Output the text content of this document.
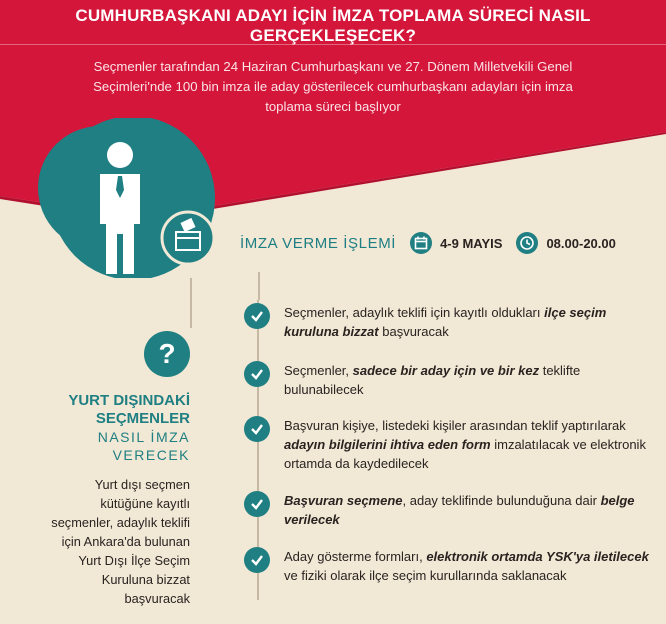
CUMHURBAŞKANI ADAYI İÇİN İMZA TOPLAMA SÜRECİ NASIL GERÇEKLEŞECEK?
Seçmenler tarafından 24 Haziran Cumhurbaşkanı ve 27. Dönem Milletvekili Genel Seçimleri'nde 100 bin imza ile aday gösterilecek cumhurbaşkanı adayları için imza toplama süreci başlıyor
İMZA VERME İŞLEMİ	4-9 MAYIS	08.00-20.00
Seçmenler, adaylık teklifi için kayıtlı oldukları ilçe seçim kuruluna bizzat başvuracak
Seçmenler, sadece bir aday için ve bir kez teklifte bulunabilecek
Başvuran kişiye, listedeki kişiler arasından teklif yaptırılarak adayın bilgilerini ihtiva eden form imzalatılacak ve elektronik ortamda da kaydedilecek
Başvuran seçmene, aday teklifinde bulunduğuna dair belge verilecek
Aday gösterme formları, elektronik ortamda YSK'ya iletilecek ve fiziki olarak ilçe seçim kurullarında saklanacak
?
YURT DIŞINDAKİ
SEÇMENLER
NASIL İMZA
VERECEK
Yurt dışı seçmen kütüğüne kayıtlı seçmenler, adaylık teklifi için Ankara'da bulunan Yurt Dışı İlçe Seçim Kuruluna bizzat başvuracak
